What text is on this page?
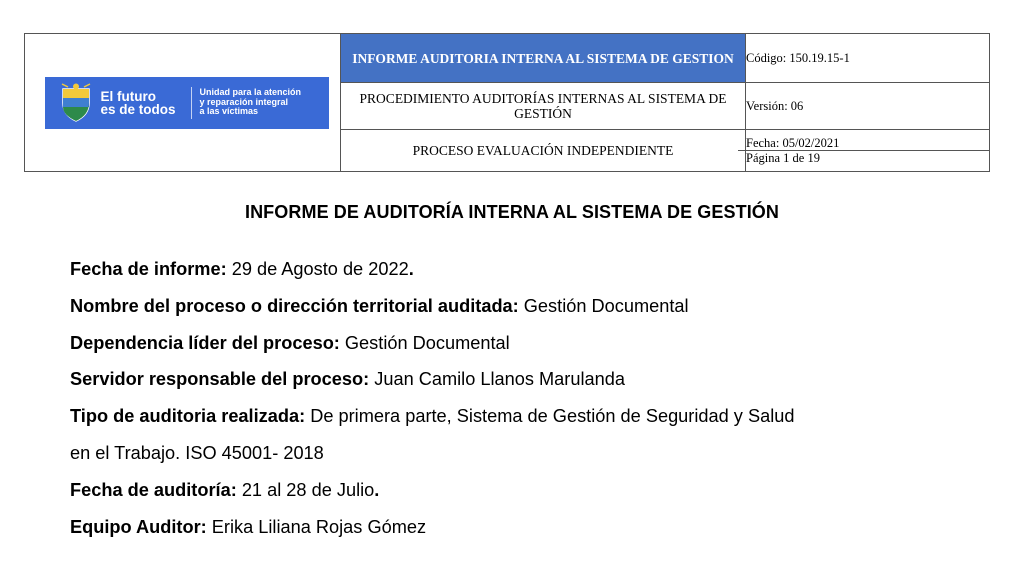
El futuro
es de todos
Unidad para la atención
y reparación integral
a las víctimas	INFORME AUDITORIA INTERNA AL SISTEMA DE GESTION	Código: 150.19.15-1
	PROCEDIMIENTO AUDITORÍAS INTERNAS AL SISTEMA DE GESTIÓN	Versión: 06
	PROCESO EVALUACIÓN INDEPENDIENTE	Fecha: 05/02/2021
Página 1 de 19
INFORME DE AUDITORÍA INTERNA AL SISTEMA DE GESTIÓN
Fecha de informe: 29 de Agosto de 2022.
Nombre del proceso o dirección territorial auditada: Gestión Documental
Dependencia líder del proceso: Gestión Documental
Servidor responsable del proceso: Juan Camilo Llanos Marulanda
Tipo de auditoria realizada: De primera parte, Sistema de Gestión de Seguridad y Salud
en el Trabajo. ISO 45001- 2018
Fecha de auditoría: 21 al 28 de Julio.
Equipo Auditor: Erika Liliana Rojas Gómez
